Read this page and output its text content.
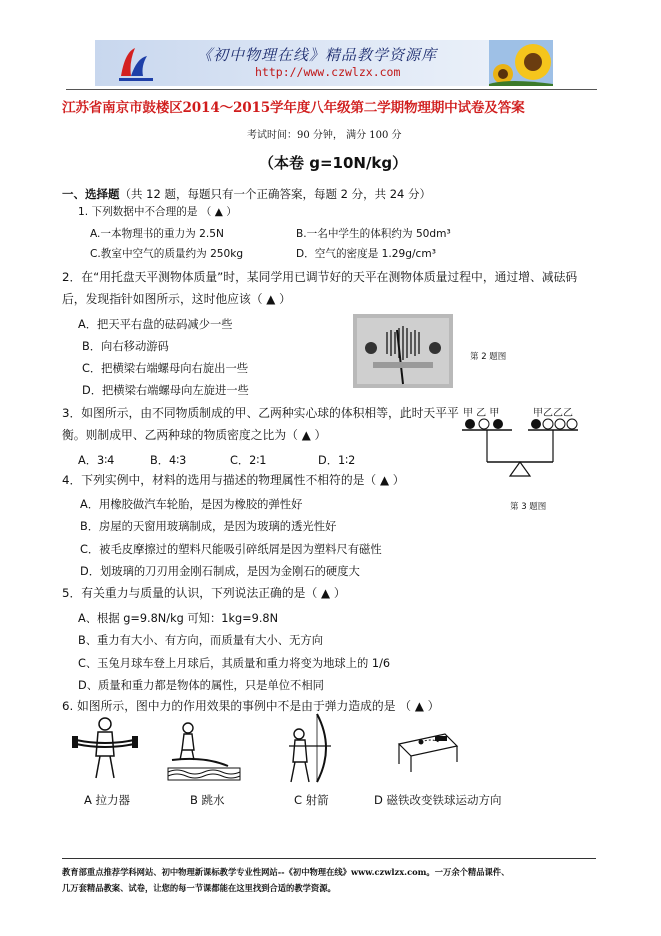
《初中物理在线》精品教学资源库
http://www.czwlzx.com
江苏省南京市鼓楼区2014～2015学年度八年级第二学期物理期中试卷及答案
考试时间：90 分钟， 满分 100 分
（本卷 g=10N/kg）
一、选择题（共 12 题，每题只有一个正确答案，每题 2 分，共 24 分）
1. 下列数据中不合理的是 （ ▲ ）
A.一本物理书的重力为 2.5N	B.一名中学生的体积约为 50dm³
C.教室中空气的质量约为 250kg	D．空气的密度是 1.29g/cm³
2．在“用托盘天平测物体质量”时，某同学用已调节好的天平在测物体质量过程中，通过增、减砝码
后，发现指针如图所示，这时他应该（ ▲ ）
A．把天平右盘的砝码减少一些
B．向右移动游码
C．把横梁右端螺母向右旋出一些
D．把横梁右端螺母向左旋进一些
第 2 题图
3．如图所示，由不同物质制成的甲、乙两种实心球的体积相等，此时天平平
衡。则制成甲、乙两种球的物质密度之比为（ ▲ ）
A．3∶4	B．4∶3	C．2∶1	D．1∶2
甲 乙 甲	甲乙乙乙
第 3 题图
4．下列实例中，材料的选用与描述的物理属性不相符的是（ ▲ ）
A．用橡胶做汽车轮胎，是因为橡胶的弹性好
B．房屋的天窗用玻璃制成，是因为玻璃的透光性好
C．被毛皮摩擦过的塑料尺能吸引碎纸屑是因为塑料尺有磁性
D．划玻璃的刀刃用金刚石制成，是因为金刚石的硬度大
5．有关重力与质量的认识，下列说法正确的是（ ▲ ）
A、根据 g=9.8N/kg 可知：1kg=9.8N
B、重力有大小、有方向，而质量有大小、无方向
C、玉兔月球车登上月球后，其质量和重力将变为地球上的 1/6
D、质量和重力都是物体的属性，只是单位不相同
6. 如图所示，图中力的作用效果的事例中不是由于弹力造成的是 （ ▲ ）
A 拉力器	B 跳水	C 射箭	D 磁铁改变铁球运动方向
教育部重点推荐学科网站、初中物理新课标教学专业性网站--《初中物理在线》www.czwlzx.com。一万余个精品课件、
几万套精品教案、试卷，让您的每一节课都能在这里找到合适的教学资源。
